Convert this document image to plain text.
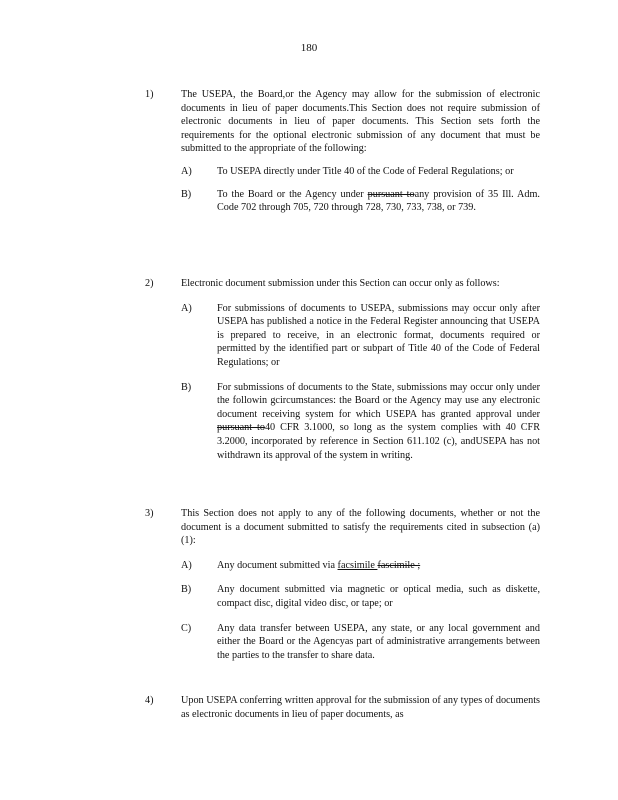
180
1)	The USEPA, the Board,or the Agency may allow for the submission of electronic documents in lieu of paper documents.This Section does not require submission of electronic documents in lieu of paper documents. This Section sets forth the requirements for the optional electronic submission of any document that must be submitted to the appropriate of the following:
A) To USEPA directly under Title 40 of the Code of Federal Regulations; or
B)	To the Board or the Agency under pursuant toany provision of 35 Ill. Adm. Code 702 through 705, 720 through 728, 730, 733, 738, or 739.
2)	Electronic document submission under this Section can occur only as follows:
A) For submissions of documents to USEPA, submissions may occur only after USEPA has published a notice in the Federal Register announcing that USEPA is prepared to receive, in an electronic format, documents required or permitted by the identified part or subpart of Title 40 of the Code of Federal Regulations; or
B)	For submissions of documents to the State, submissions may occur only under the followin gcircumstances: the Board or the Agency may use any electronic document receiving system for which USEPA has granted approval under pursuant to40 CFR 3.1000, so long as the system complies with 40 CFR 3.2000, incorporated by reference in Section 611.102 (c), andUSEPA has not withdrawn its approval of the system in writing.
3)	This Section does not apply to any of the following documents, whether or not the document is a document submitted to satisfy the requirements cited in subsection (a)(1):
A) Any document submitted via facsimile fascimile ;
B)	Any document submitted via magnetic or optical media, such as diskette, compact disc, digital video disc, or tape; or
C)	Any data transfer between USEPA, any state, or any local government and either the Board or the Agencyas part of administrative arrangements between the parties to the transfer to share data.
4)	Upon USEPA conferring written approval for the submission of any types of documents as electronic documents in lieu of paper documents, as
